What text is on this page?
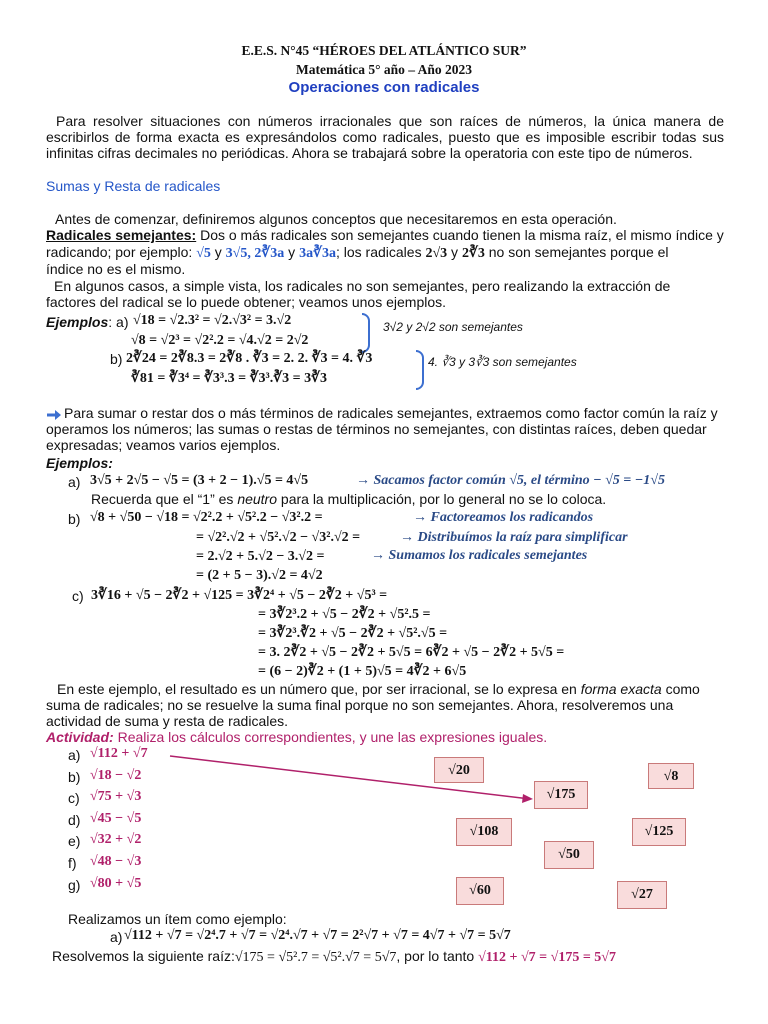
E.E.S. N°45 “HÉROES DEL ATLÁNTICO SUR”
Matemática 5° año – Año 2023
Operaciones con radicales
Para resolver situaciones con números irracionales que son raíces de números, la única manera de escribirlos de forma exacta es expresándolos como radicales, puesto que es imposible escribir todas sus infinitas cifras decimales no periódicas. Ahora se trabajará sobre la operatoria con este tipo de números.
Sumas y Resta de radicales
Antes de comenzar, definiremos algunos conceptos que necesitaremos en esta operación.
Radicales semejantes: Dos o más radicales son semejantes cuando tienen la misma raíz, el mismo índice y
radicando; por ejemplo: √5 y 3√5, 2∛3a y 3a∛3a; los radicales 2√3 y 2∛3 no son semejantes porque el
índice no es el mismo.
En algunos casos, a simple vista, los radicales no son semejantes, pero realizando la extracción de factores del radical se lo puede obtener; veamos unos ejemplos.
Ejemplos: a) √18 = √2.3² = √2.√3² = 3.√2
√8 = √2³ = √2².2 = √4.√2 = 2√2
3√2 y 2√2 son semejantes
b) 2∛24 = 2∛8.3 = 2∛8 . ∛3 = 2. 2. ∛3 = 4. ∛3
∛81 = ∛3⁴ = ∛3³.3 = ∛3³.∛3 = 3∛3
4. ∛3 y 3∛3 son semejantes
Para sumar o restar dos o más términos de radicales semejantes, extraemos como factor común la raíz y operamos los números; las sumas o restas de términos no semejantes, con distintas raíces, deben quedar expresadas; veamos varios ejemplos.
Ejemplos:
a) 3√5 + 2√5 − √5 = (3 + 2 − 1).√5 = 4√5	→ Sacamos factor común √5, el término − √5 = −1√5
Recuerda que el “1” es neutro para la multiplicación, por lo general no se lo coloca.
b) √8 + √50 − √18 = √2².2 + √5².2 − √3².2 =	→ Factoreamos los radicandos
= √2².√2 + √5².√2 − √3².√2 =	→ Distribuímos la raíz para simplificar
= 2.√2 + 5.√2 − 3.√2 =	→ Sumamos los radicales semejantes
= (2 + 5 − 3).√2 = 4√2
c) 3∛16 + √5 − 2∛2 + √125 = 3∛2⁴ + √5 − 2∛2 + √5³ =
= 3∛2³.2 + √5 − 2∛2 + √5².5 =
= 3∛2³.∛2 + √5 − 2∛2 + √5².√5 =
= 3. 2∛2 + √5 − 2∛2 + 5√5 = 6∛2 + √5 − 2∛2 + 5√5 =
= (6 − 2)∛2 + (1 + 5)√5 = 4∛2 + 6√5
En este ejemplo, el resultado es un número que, por ser irracional, se lo expresa en forma exacta como
suma de radicales; no se resuelve la suma final porque no son semejantes. Ahora, resolveremos una
actividad de suma y resta de radicales.
Actividad: Realiza los cálculos correspondientes, y une las expresiones iguales.
a) √112 + √7
b) √18 − √2
c) √75 + √3
d) √45 − √5
e) √32 + √2
f) √48 − √3
g) √80 + √5
√20	√8
√175
√108	√125
√50
√60	√27
Realizamos un ítem como ejemplo:
a) √112 + √7 = √2⁴.7 + √7 = √2⁴.√7 + √7 = 2²√7 + √7 = 4√7 + √7 = 5√7
Resolvemos la siguiente raíz:√175 = √5².7 = √5².√7 = 5√7, por lo tanto √112 + √7 = √175 = 5√7
